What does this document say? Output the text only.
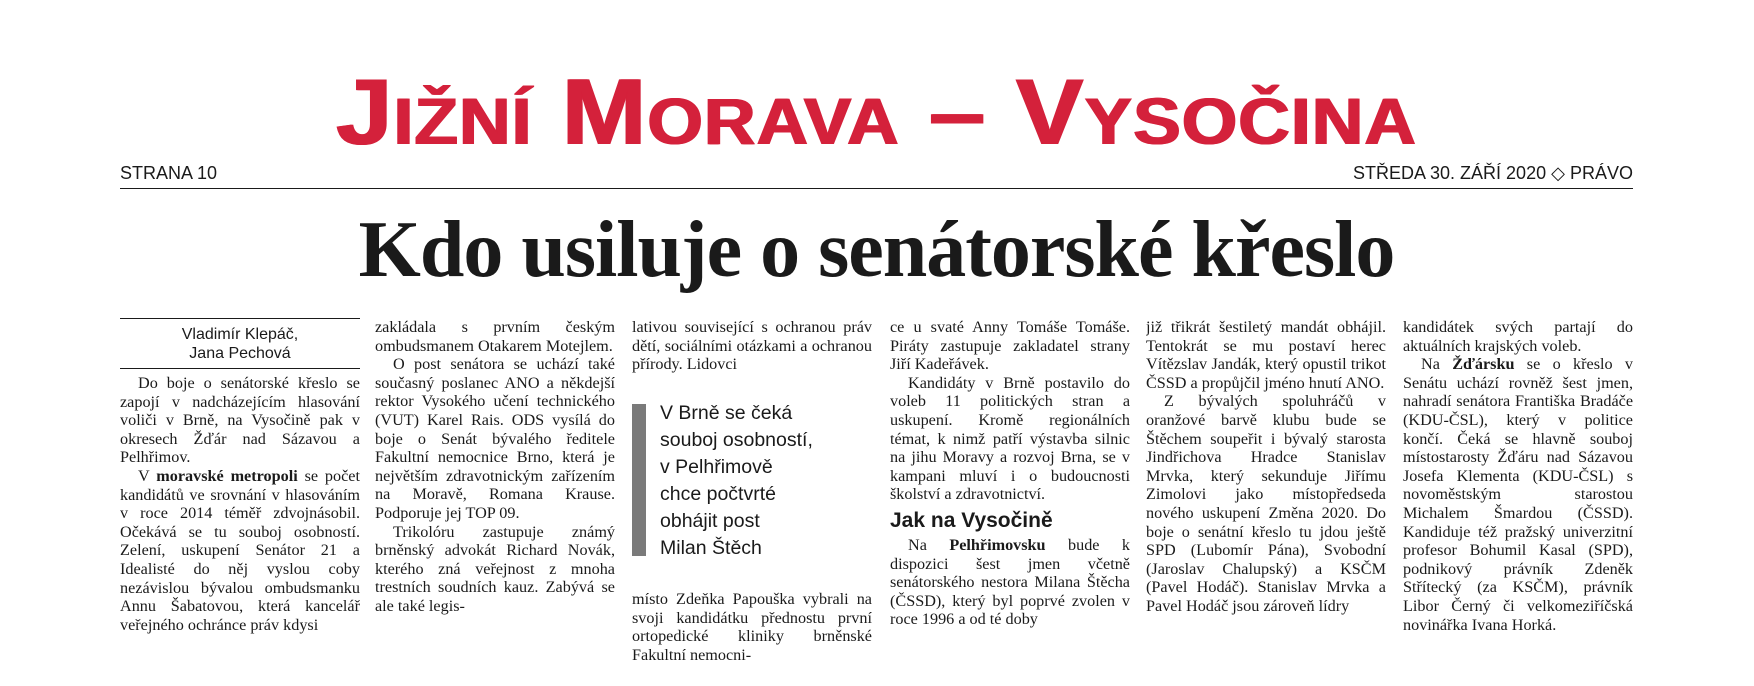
Jižní Morava – Vysočina
STRANA 10	STŘEDA 30. ZÁŘÍ 2020 ◇ PRÁVO
Kdo usiluje o senátorské křeslo
Vladimír Klepáč,
Jana Pechová

Do boje o senátorské křeslo se zapojí v nadcházejícím hlasování voliči v Brně, na Vysočině pak v okresech Žďár nad Sázavou a Pelhřimov.

V moravské metropoli se počet kandidátů ve srovnání v hlasováním v roce 2014 téměř zdvojnásobil. Očekává se tu souboj osobností. Zelení, uskupení Senátor 21 a Idealisté do něj vyslou coby nezávislou bývalou ombudsmanku Annu Šabatovou, která kancelář veřejného ochránce práv kdysi

zakládala s prvním českým ombudsmanem Otakarem Motejlem.

O post senátora se uchází také současný poslanec ANO a někdejší rektor Vysokého učení technického (VUT) Karel Rais. ODS vysílá do boje o Senát bývalého ředitele Fakultní nemocnice Brno, která je největším zdravotnickým zařízením na Moravě, Romana Krause. Podporuje jej TOP 09.

Trikolóru zastupuje známý brněnský advokát Richard Novák, kterého zná veřejnost z mnoha trestních soudních kauz. Zabývá se ale také legis-

lativou související s ochranou práv dětí, sociálními otázkami a ochranou přírody. Lidovci

V Brně se čeká
souboj osobností,
v Pelhřimově
chce počtvrté
obhájit post
Milan Štěch

místo Zdeňka Papouška vybrali na svoji kandidátku přednostu první ortopedické kliniky brněnské Fakultní nemocni-

ce u svaté Anny Tomáše Tomáše. Piráty zastupuje zakladatel strany Jiří Kadeřávek.

Kandidáty v Brně postavilo do voleb 11 politických stran a uskupení. Kromě regionálních témat, k nimž patří výstavba silnic na jihu Moravy a rozvoj Brna, se v kampani mluví i o budoucnosti školství a zdravotnictví.

Jak na Vysočině

Na Pelhřimovsku bude k dispozici šest jmen včetně senátorského nestora Milana Štěcha (ČSSD), který byl poprvé zvolen v roce 1996 a od té doby

již třikrát šestiletý mandát obhájil. Tentokrát se mu postaví herec Vítězslav Jandák, který opustil trikot ČSSD a propůjčil jméno hnutí ANO.

Z bývalých spoluhráčů v oranžové barvě klubu bude se Štěchem soupeřit i bývalý starosta Jindřichova Hradce Stanislav Mrvka, který sekunduje Jiřímu Zimolovi jako místopředseda nového uskupení Změna 2020. Do boje o senátní křeslo tu jdou ještě SPD (Lubomír Pána), Svobodní (Jaroslav Chalupský) a KSČM (Pavel Hodáč). Stanislav Mrvka a Pavel Hodáč jsou zároveň lídry

kandidátek svých partají do aktuálních krajských voleb.

Na Žďársku se o křeslo v Senátu uchází rovněž šest jmen, nahradí senátora Františka Bradáče (KDU-ČSL), který v politice končí. Čeká se hlavně souboj místostarosty Žďáru nad Sázavou Josefa Klementa (KDU-ČSL) s novoměstským starostou Michalem Šmardou (ČSSD). Kandiduje též pražský univerzitní profesor Bohumil Kasal (SPD), podnikový právník Zdeněk Střítecký (za KSČM), právník Libor Černý či velkomeziříčská novinářka Ivana Horká.
